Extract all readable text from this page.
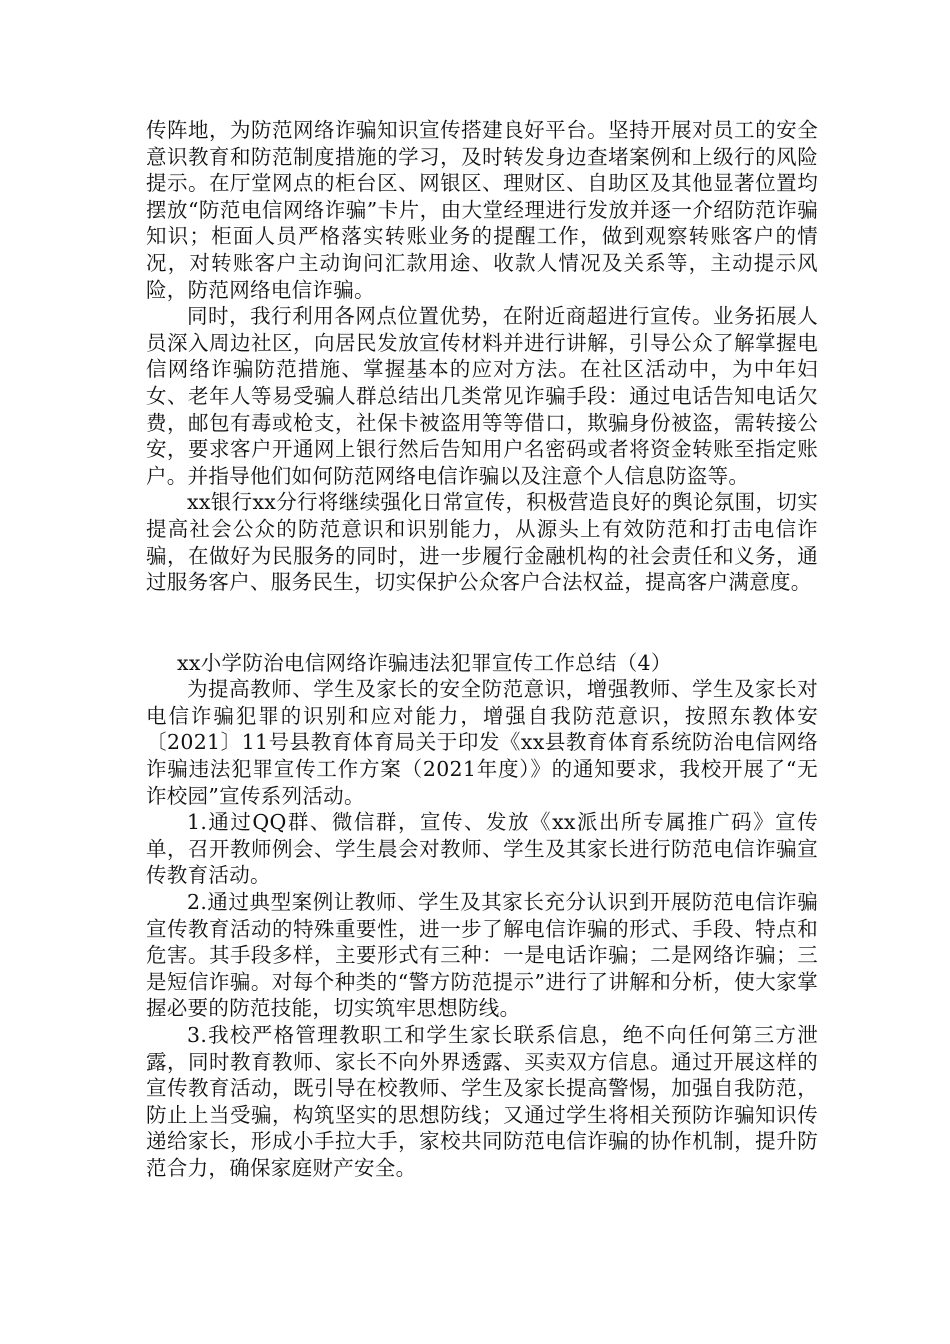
传阵地，为防范网络诈骗知识宣传搭建良好平台。坚持开展对员工的安全意识教育和防范制度措施的学习，及时转发身边查堵案例和上级行的风险提示。在厅堂网点的柜台区、网银区、理财区、自助区及其他显著位置均摆放“防范电信网络诈骗”卡片，由大堂经理进行发放并逐一介绍防范诈骗知识；柜面人员严格落实转账业务的提醒工作，做到观察转账客户的情况，对转账客户主动询问汇款用途、收款人情况及关系等，主动提示风险，防范网络电信诈骗。

同时，我行利用各网点位置优势，在附近商超进行宣传。业务拓展人员深入周边社区，向居民发放宣传材料并进行讲解，引导公众了解掌握电信网络诈骗防范措施、掌握基本的应对方法。在社区活动中，为中年妇女、老年人等易受骗人群总结出几类常见诈骗手段：通过电话告知电话欠费，邮包有毒或枪支，社保卡被盗用等等借口，欺骗身份被盗，需转接公安，要求客户开通网上银行然后告知用户名密码或者将资金转账至指定账户。并指导他们如何防范网络电信诈骗以及注意个人信息防盗等。

xx银行xx分行将继续强化日常宣传，积极营造良好的舆论氛围，切实提高社会公众的防范意识和识别能力，从源头上有效防范和打击电信诈骗，在做好为民服务的同时，进一步履行金融机构的社会责任和义务，通过服务客户、服务民生，切实保护公众客户合法权益，提高客户满意度。

xx小学防治电信网络诈骗违法犯罪宣传工作总结（4）

为提高教师、学生及家长的安全防范意识，增强教师、学生及家长对电信诈骗犯罪的识别和应对能力，增强自我防范意识，按照东教体安〔2021〕11号县教育体育局关于印发《xx县教育体育系统防治电信网络诈骗违法犯罪宣传工作方案（2021年度）》的通知要求，我校开展了“无诈校园”宣传系列活动。

1.通过QQ群、微信群，宣传、发放《xx派出所专属推广码》宣传单，召开教师例会、学生晨会对教师、学生及其家长进行防范电信诈骗宣传教育活动。

2.通过典型案例让教师、学生及其家长充分认识到开展防范电信诈骗宣传教育活动的特殊重要性，进一步了解电信诈骗的形式、手段、特点和危害。其手段多样，主要形式有三种：一是电话诈骗；二是网络诈骗；三是短信诈骗。对每个种类的“警方防范提示”进行了讲解和分析，使大家掌握必要的防范技能，切实筑牢思想防线。

3.我校严格管理教职工和学生家长联系信息，绝不向任何第三方泄露，同时教育教师、家长不向外界透露、买卖双方信息。通过开展这样的宣传教育活动，既引导在校教师、学生及家长提高警惕，加强自我防范，防止上当受骗，构筑坚实的思想防线；又通过学生将相关预防诈骗知识传递给家长，形成小手拉大手，家校共同防范电信诈骗的协作机制，提升防范合力，确保家庭财产安全。
